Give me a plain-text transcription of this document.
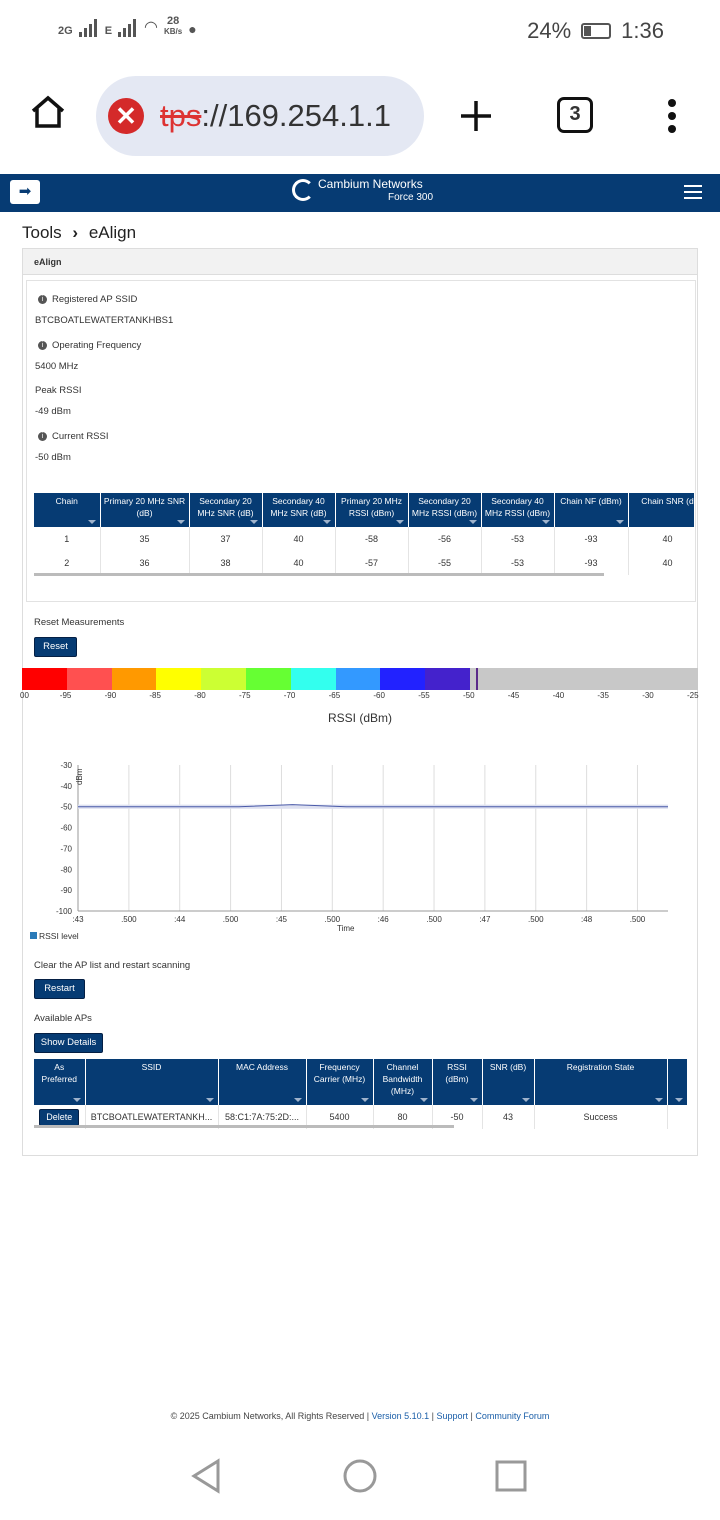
2G	E ◠ 28
KB/s ●	24% 1:36
✕ tps://169.254.1.1	3
➡	Cambium Networks
Force 300
Tools › eAlign
eAlign
i Registered AP SSID
BTCBOATLEWATERTANKHBS1
i Operating Frequency
5400 MHz
Peak RSSI
-49 dBm
i Current RSSI
-50 dBm
Chain	Primary 20 MHz SNR (dB)	Secondary 20 MHz SNR (dB)	Secondary 40 MHz SNR (dB)	Primary 20 MHz RSSI (dBm)	Secondary 20 MHz RSSI (dBm)	Secondary 40 MHz RSSI (dBm)	Chain NF (dBm)	Chain SNR (d
1	35	37	40	-58	-56	-53	-93	40
2	36	38	40	-57	-55	-53	-93	40
Reset Measurements
Reset
00	-95	-90	-85	-80	-75	-70	-65	-60	-55	-50	-45	-40	-35	-30	-25
RSSI (dBm)
:43	.500	:44	.500	:45	.500	:46	.500	:47	.500	:48	.500
-30
-40
-50
-60
-70
-80
-90
-100
dBm
Time
RSSI level
Clear the AP list and restart scanning
Restart
Available APs
Show Details
As Preferred	SSID	MAC Address	Frequency Carrier (MHz)	Channel Bandwidth (MHz)	RSSI (dBm)	SNR (dB)	Registration State	
Delete	BTCBOATLEWATERTANKH...	58:C1:7A:75:2D:...	5400	80	-50	43	Success	
© 2025 Cambium Networks, All Rights Reserved | Version 5.10.1 | Support | Community Forum
